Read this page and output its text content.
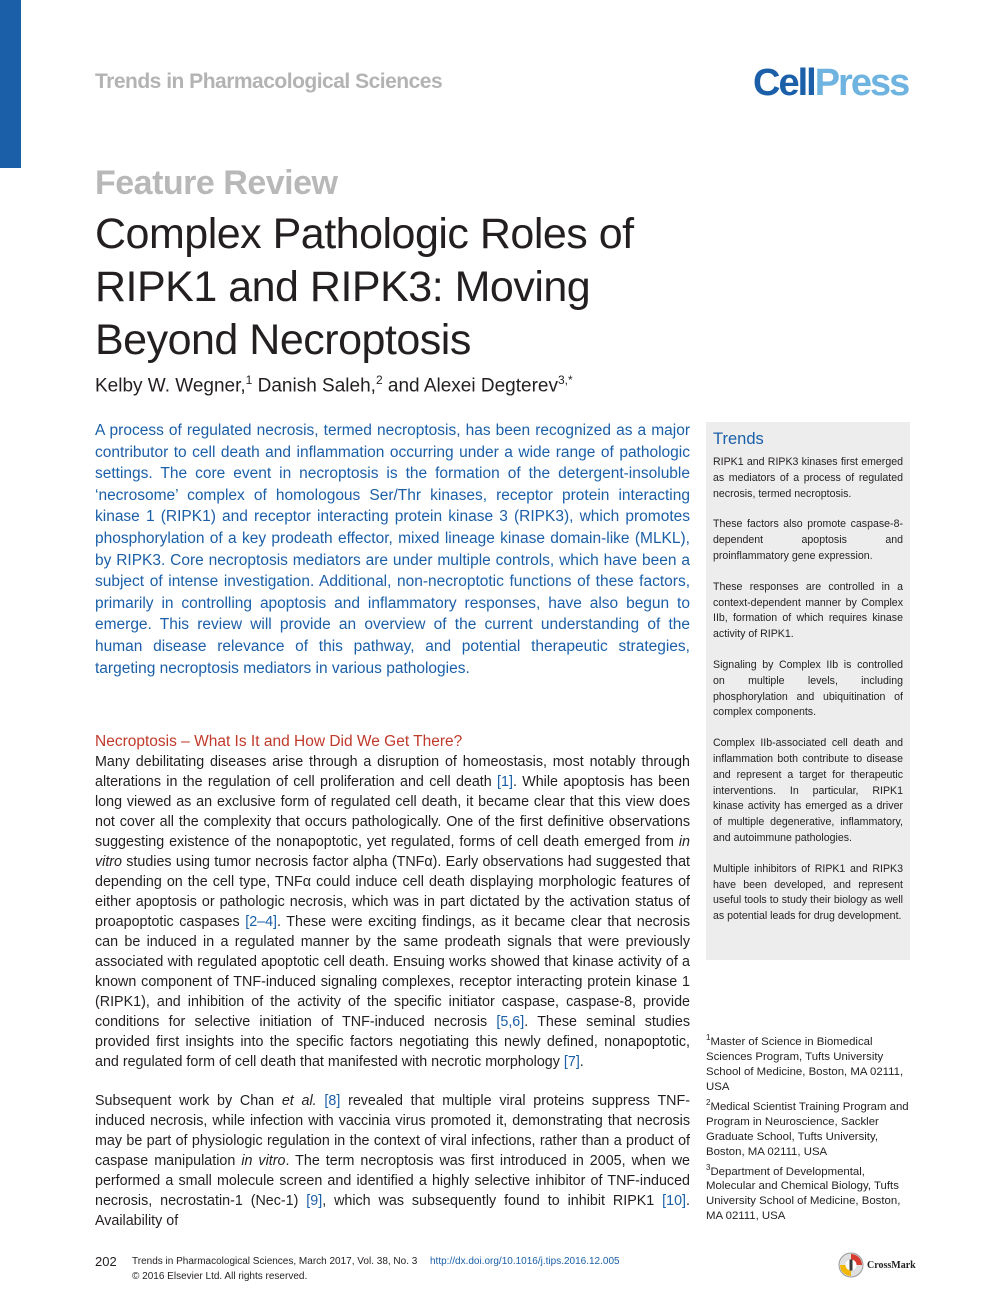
Trends in Pharmacological Sciences	CellPress
Feature Review
Complex Pathologic Roles of RIPK1 and RIPK3: Moving Beyond Necroptosis
Kelby W. Wegner,$^1$ Danish Saleh,$^2$ and Alexei Degterev$^{3,*}$

A process of regulated necrosis, termed necroptosis, has been recognized as a major contributor to cell death and inflammation occurring under a wide range of pathologic settings. The core event in necroptosis is the formation of the detergent-insoluble ‘necrosome’ complex of homologous Ser/Thr kinases, receptor protein interacting kinase 1 (RIPK1) and receptor interacting protein kinase 3 (RIPK3), which promotes phosphorylation of a key prodeath effector, mixed lineage kinase domain-like (MLKL), by RIPK3. Core necroptosis mediators are under multiple controls, which have been a subject of intense investigation. Additional, non-necroptotic functions of these factors, primarily in controlling apoptosis and inflammatory responses, have also begun to emerge. This review will provide an overview of the current understanding of the human disease relevance of this pathway, and potential therapeutic strategies, targeting necroptosis mediators in various pathologies.

Necroptosis – What Is It and How Did We Get There?

Many debilitating diseases arise through a disruption of homeostasis, most notably through alterations in the regulation of cell proliferation and cell death [1]. While apoptosis has been long viewed as an exclusive form of regulated cell death, it became clear that this view does not cover all the complexity that occurs pathologically. One of the first definitive observations suggesting existence of the nonapoptotic, yet regulated, forms of cell death emerged from in vitro studies using tumor necrosis factor alpha (TNFα). Early observations had suggested that depending on the cell type, TNFα could induce cell death displaying morphologic features of either apoptosis or pathologic necrosis, which was in part dictated by the activation status of proapoptotic caspases [2–4]. These were exciting findings, as it became clear that necrosis can be induced in a regulated manner by the same prodeath signals that were previously associated with regulated apoptotic cell death. Ensuing works showed that kinase activity of a known component of TNF-induced signaling complexes, receptor interacting protein kinase 1 (RIPK1), and inhibition of the activity of the specific initiator caspase, caspase-8, provide conditions for selective initiation of TNF-induced necrosis [5,6]. These seminal studies provided first insights into the specific factors negotiating this newly defined, nonapoptotic, and regulated form of cell death that manifested with necrotic morphology [7].

Subsequent work by Chan et al. [8] revealed that multiple viral proteins suppress TNF-induced necrosis, while infection with vaccinia virus promoted it, demonstrating that necrosis may be part of physiologic regulation in the context of viral infections, rather than a product of caspase manipulation in vitro. The term necroptosis was first introduced in 2005, when we performed a small molecule screen and identified a highly selective inhibitor of TNF-induced necrosis, necrostatin-1 (Nec-1) [9], which was subsequently found to inhibit RIPK1 [10]. Availability of

Trends

RIPK1 and RIPK3 kinases first emerged as mediators of a process of regulated necrosis, termed necroptosis.

These factors also promote caspase-8-dependent apoptosis and proinflammatory gene expression.

These responses are controlled in a context-dependent manner by Complex IIb, formation of which requires kinase activity of RIPK1.

Signaling by Complex IIb is controlled on multiple levels, including phosphorylation and ubiquitination of complex components.

Complex IIb-associated cell death and inflammation both contribute to disease and represent a target for therapeutic interventions. In particular, RIPK1 kinase activity has emerged as a driver of multiple degenerative, inflammatory, and autoimmune pathologies.

Multiple inhibitors of RIPK1 and RIPK3 have been developed, and represent useful tools to study their biology as well as potential leads for drug development.

$^1$Master of Science in Biomedical Sciences Program, Tufts University School of Medicine, Boston, MA 02111, USA

$^2$Medical Scientist Training Program and Program in Neuroscience, Sackler Graduate School, Tufts University, Boston, MA 02111, USA

$^3$Department of Developmental, Molecular and Chemical Biology, Tufts University School of Medicine, Boston, MA 02111, USA

202 Trends in Pharmacological Sciences, March 2017, Vol. 38, No. 3 http://dx.doi.org/10.1016/j.tips.2016.12.005
© 2016 Elsevier Ltd. All rights reserved.
CrossMark
